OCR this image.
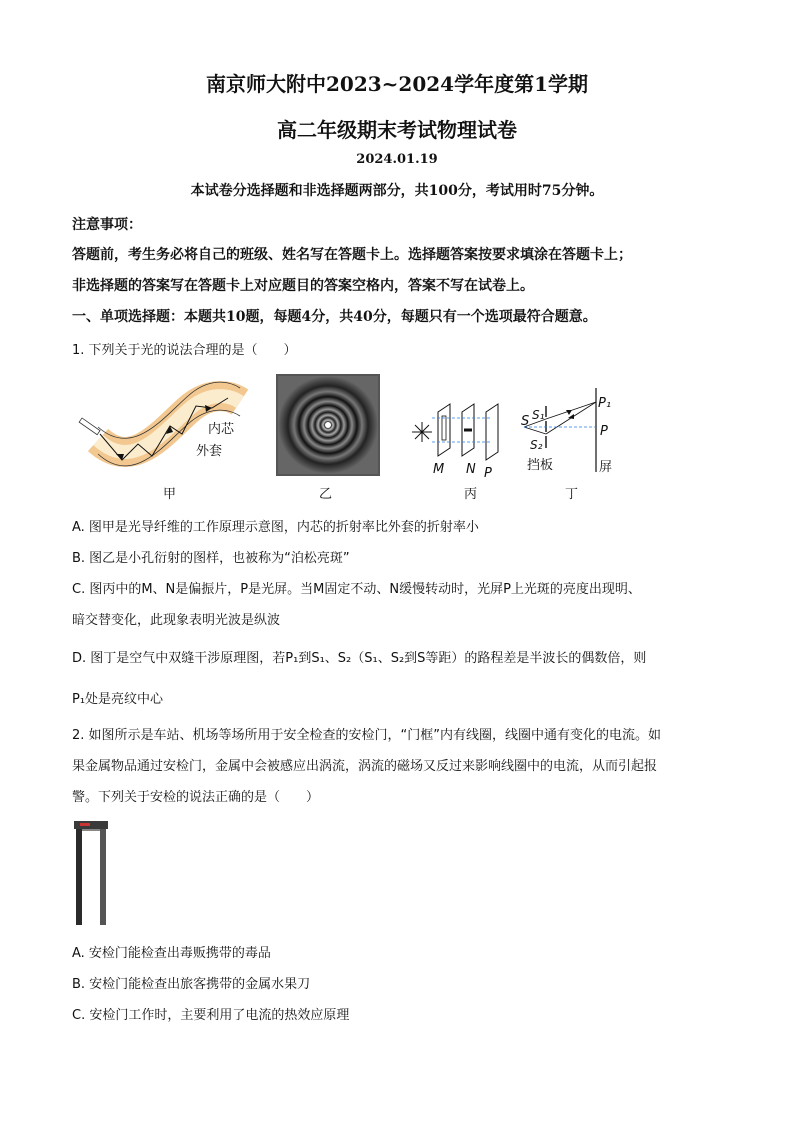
南京师大附中2023~2024学年度第1学期
高二年级期末考试物理试卷
2024.01.19
本试卷分选择题和非选择题两部分，共100分，考试用时75分钟。
注意事项：
答题前，考生务必将自己的班级、姓名写在答题卡上。选择题答案按要求填涂在答题卡上；
非选择题的答案写在答题卡上对应题目的答案空格内，答案不写在试卷上。
一、单项选择题：本题共10题，每题4分，共40分，每题只有一个选项最符合题意。
1. 下列关于光的说法合理的是（　　）
内芯
外套
甲	乙
M N P
丙
S S₁
S₂
P₁
P
挡板	屏
丁
A. 图甲是光导纤维的工作原理示意图，内芯的折射率比外套的折射率小
B. 图乙是小孔衍射的图样，也被称为“泊松亮斑”
C. 图丙中的M、N是偏振片，P是光屏。当M固定不动、N缓慢转动时，光屏P上光斑的亮度出现明、
暗交替变化，此现象表明光波是纵波
D. 图丁是空气中双缝干涉原理图，若P₁到S₁、S₂（S₁、S₂到S等距）的路程差是半波长的偶数倍，则
P₁处是亮纹中心
2. 如图所示是车站、机场等场所用于安全检查的安检门，“门框”内有线圈，线圈中通有变化的电流。如
果金属物品通过安检门，金属中会被感应出涡流，涡流的磁场又反过来影响线圈中的电流，从而引起报
警。下列关于安检的说法正确的是（　　）
A. 安检门能检查出毒贩携带的毒品
B. 安检门能检查出旅客携带的金属水果刀
C. 安检门工作时，主要利用了电流的热效应原理
